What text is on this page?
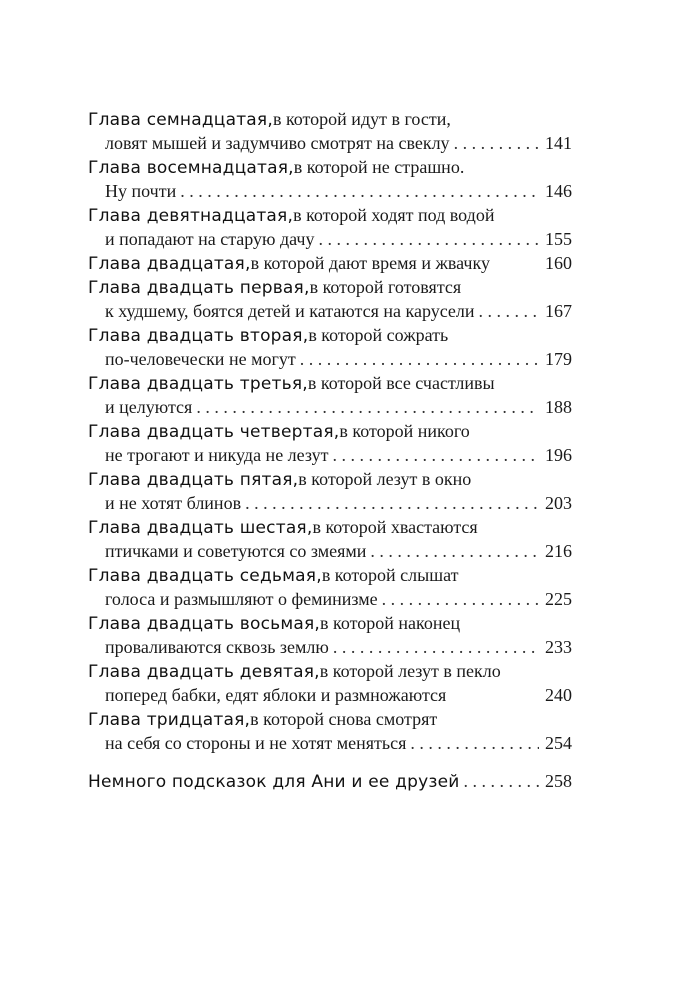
Глава семнадцатая, в которой идут в гости,
ловят мышей и задумчиво смотрят на свеклу . . .	141
Глава восемнадцатая, в которой не страшно.
Ну почти . . .	146
Глава девятнадцатая, в которой ходят под водой
и попадают на старую дачу . . .	155
Глава двадцатая, в которой дают время и жвачку	160
Глава двадцать первая, в которой готовятся
к худшему, боятся детей и катаются на карусели . . .	167
Глава двадцать вторая, в которой сожрать
по-человечески не могут . . .	179
Глава двадцать третья, в которой все счастливы
и целуются . . .	188
Глава двадцать четвертая, в которой никого
не трогают и никуда не лезут . . .	196
Глава двадцать пятая, в которой лезут в окно
и не хотят блинов . . .	203
Глава двадцать шестая, в которой хвастаются
птичками и советуются со змеями . . .	216
Глава двадцать седьмая, в которой слышат
голоса и размышляют о феминизме . . .	225
Глава двадцать восьмая, в которой наконец
проваливаются сквозь землю . . .	233
Глава двадцать девятая, в которой лезут в пекло
поперед бабки, едят яблоки и размножаются	240
Глава тридцатая, в которой снова смотрят
на себя со стороны и не хотят меняться . . .	254
Немного подсказок для Ани и ее друзей . . .	258
